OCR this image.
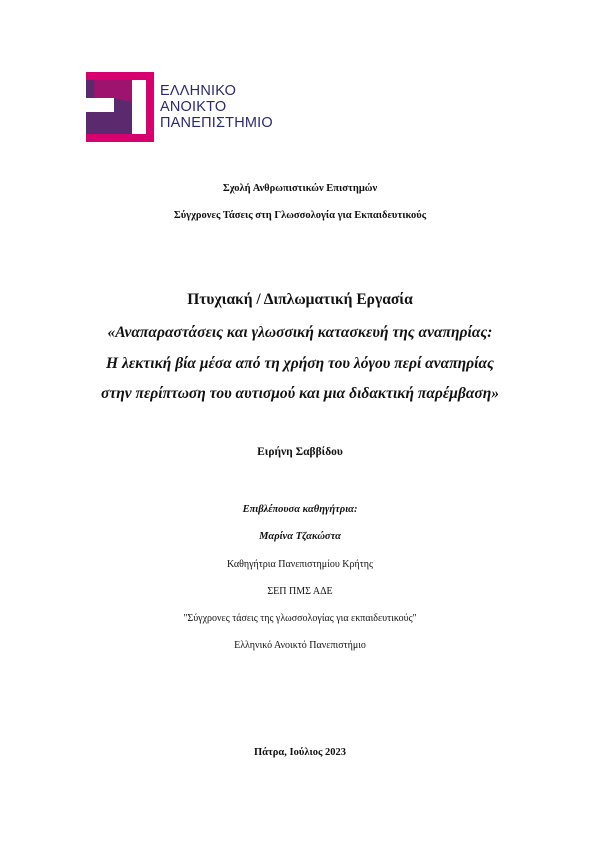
ΕΛΛΗΝΙΚΟ
ΑΝΟΙΚΤΟ
ΠΑΝΕΠΙΣΤΗΜΙΟ
Σχολή Ανθρωπιστικών Επιστημών
Σύγχρονες Τάσεις στη Γλωσσολογία για Εκπαιδευτικούς
Πτυχιακή / Διπλωματική Εργασία
«Αναπαραστάσεις και γλωσσική κατασκευή της αναπηρίας:
Η λεκτική βία μέσα από τη χρήση του λόγου περί αναπηρίας
στην περίπτωση του αυτισμού και μια διδακτική παρέμβαση»
Ειρήνη Σαββίδου
Επιβλέπουσα καθηγήτρια:
Μαρίνα Τζακώστα
Καθηγήτρια Πανεπιστημίου Κρήτης
ΣΕΠ ΠΜΣ ΑΔΕ
"Σύγχρονες τάσεις της γλωσσολογίας για εκπαιδευτικούς"
Ελληνικό Ανοικτό Πανεπιστήμιο
Πάτρα, Ιούλιος 2023
